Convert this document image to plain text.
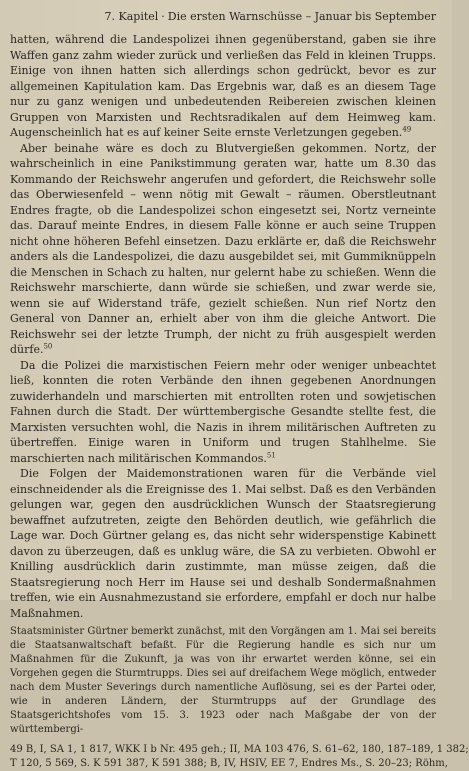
7. Kapitel · Die ersten Warnschüsse – Januar bis September

hatten, während die Landespolizei ihnen gegenüberstand, gaben sie ihre Waffen ganz zahm wieder zurück und verließen das Feld in kleinen Trupps. Einige von ihnen hatten sich allerdings schon gedrückt, bevor es zur allgemeinen Kapitulation kam. Das Ergebnis war, daß es an diesem Tage nur zu ganz wenigen und unbedeutenden Reibereien zwischen kleinen Gruppen von Marxisten und Rechtsradikalen auf dem Heimweg kam. Augenscheinlich hat es auf keiner Seite ernste Verletzungen gegeben.$^{49}$

Aber beinahe wäre es doch zu Blutvergießen gekommen. Nortz, der wahrscheinlich in eine Panikstimmung geraten war, hatte um 8.30 das Kommando der Reichswehr angerufen und gefordert, die Reichswehr solle das Oberwiesenfeld – wenn nötig mit Gewalt – räumen. Oberstleutnant Endres fragte, ob die Landespolizei schon eingesetzt sei, Nortz verneinte das. Darauf meinte Endres, in diesem Falle könne er auch seine Truppen nicht ohne höheren Befehl einsetzen. Dazu erklärte er, daß die Reichswehr anders als die Landespolizei, die dazu ausgebildet sei, mit Gummiknüppeln die Menschen in Schach zu halten, nur gelernt habe zu schießen. Wenn die Reichswehr marschierte, dann würde sie schießen, und zwar werde sie, wenn sie auf Widerstand träfe, gezielt schießen. Nun rief Nortz den General von Danner an, erhielt aber von ihm die gleiche Antwort. Die Reichswehr sei der letzte Trumph, der nicht zu früh ausgespielt werden dürfe.$^{50}$

Da die Polizei die marxistischen Feiern mehr oder weniger unbeachtet ließ, konnten die roten Verbände den ihnen gegebenen Anordnungen zuwiderhandeln und marschierten mit entrollten roten und sowjetischen Fahnen durch die Stadt. Der württembergische Gesandte stellte fest, die Marxisten versuchten wohl, die Nazis in ihrem militärischen Auftreten zu übertreffen. Einige waren in Uniform und trugen Stahlhelme. Sie marschierten nach militärischen Kommandos.$^{51}$

Die Folgen der Maidemonstrationen waren für die Verbände viel einschneidender als die Ereignisse des 1. Mai selbst. Daß es den Verbänden gelungen war, gegen den ausdrücklichen Wunsch der Staatsregierung bewaffnet aufzutreten, zeigte den Behörden deutlich, wie gefährlich die Lage war. Doch Gürtner gelang es, das nicht sehr widerspenstige Kabinett davon zu überzeugen, daß es unklug wäre, die SA zu verbieten. Obwohl er Knilling ausdrücklich darin zustimmte, man müsse zeigen, daß die Staatsregierung noch Herr im Hause sei und deshalb Sondermaßnahmen treffen, wie ein Ausnahmezustand sie erfordere, empfahl er doch nur halbe Maßnahmen.

Staatsminister Gürtner bemerkt zunächst, mit den Vorgängen am 1. Mai sei bereits die Staatsanwaltschaft befaßt. Für die Regierung handle es sich nur um Maßnahmen für die Zukunft, ja was von ihr erwartet werden könne, sei ein Vorgehen gegen die Sturmtrupps. Dies sei auf dreifachem Wege möglich, entweder nach dem Muster Severings durch namentliche Auflösung, sei es der Partei oder, wie in anderen Ländern, der Sturmtrupps auf der Grundlage des Staatsgerichtshofes vom 15. 3. 1923 oder nach Maßgabe der von der württembergi-

49 B, I, SA 1, 1 817, WKK I b Nr. 495 geh.; II, MA 103 476, S. 61–62, 180, 187–189, 1 382;
T 120, 5 569, S. K 591 387, K 591 388; B, IV, HSIV, EE 7, Endres Ms., S. 20–23; Röhm,
